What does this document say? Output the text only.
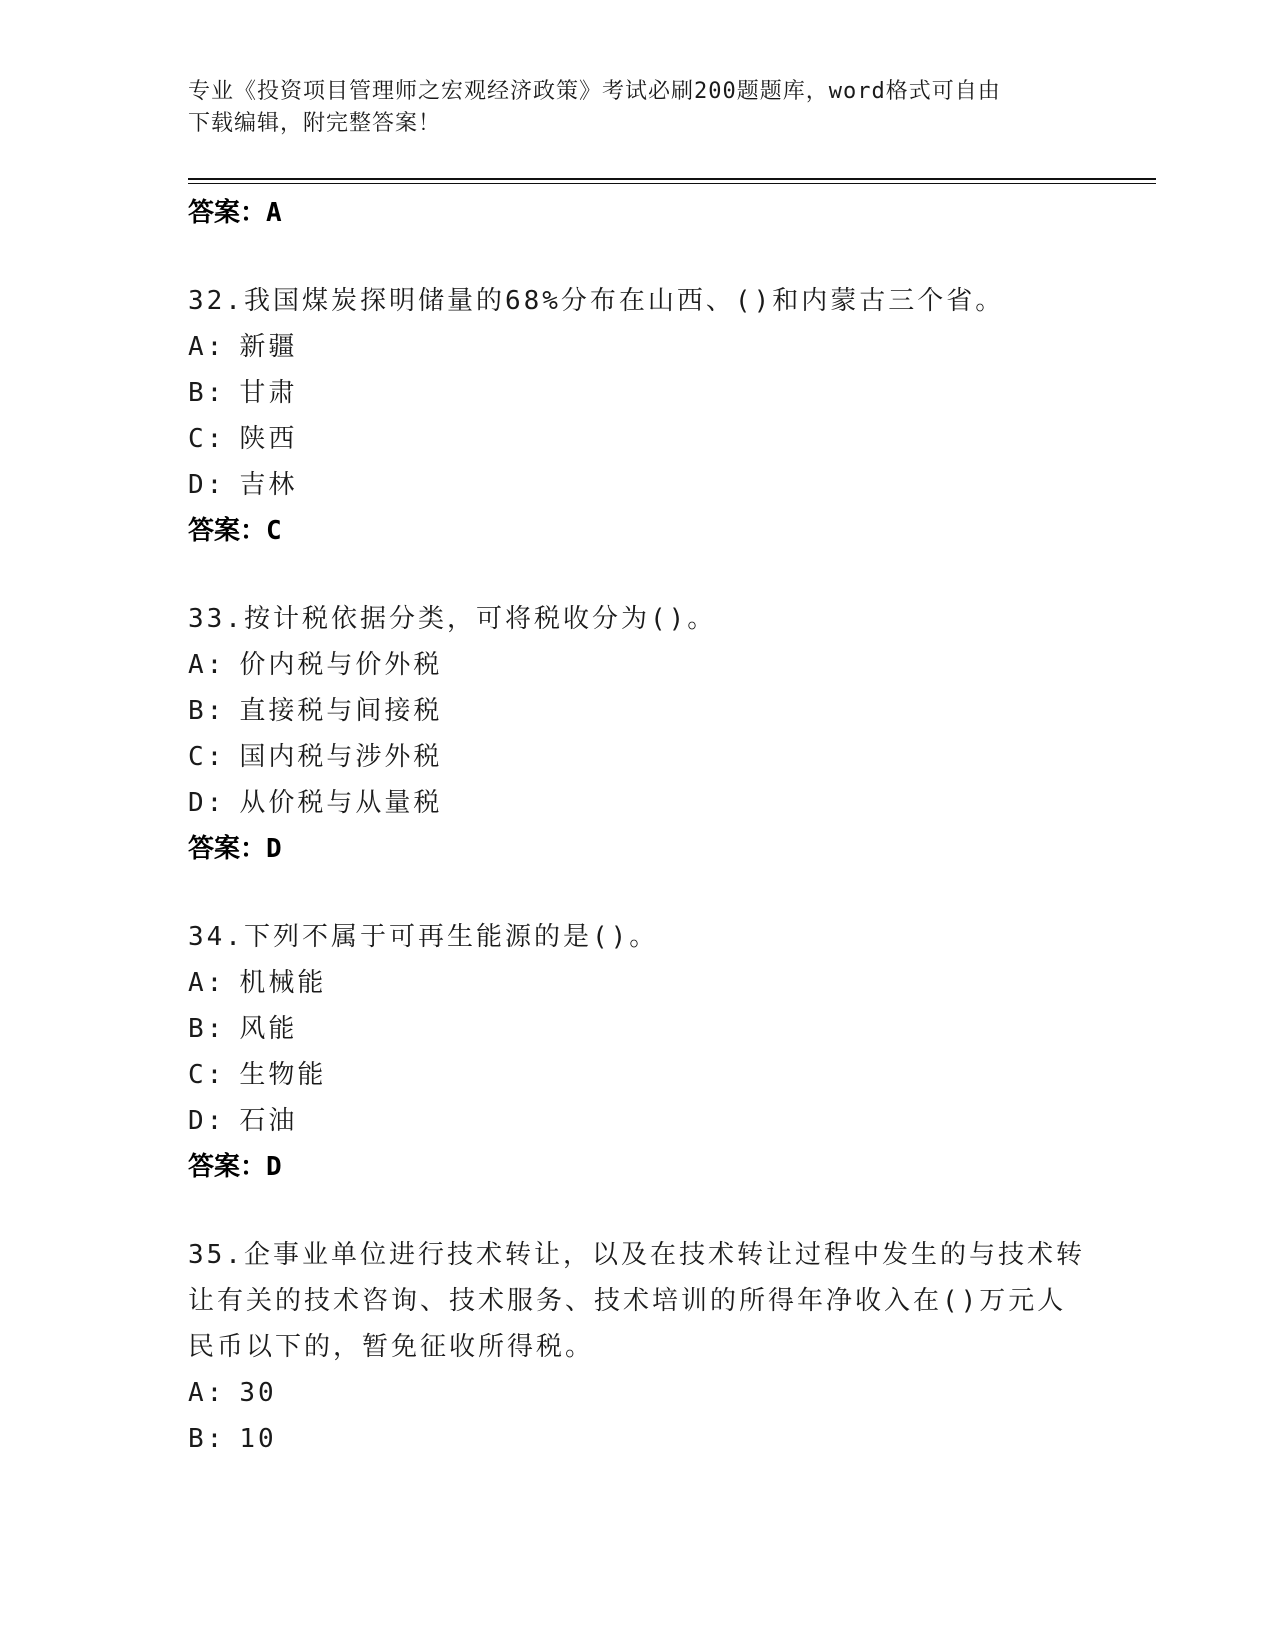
专业《投资项目管理师之宏观经济政策》考试必刷200题题库，word格式可自由
下载编辑，附完整答案！
答案：A

32.我国煤炭探明储量的68%分布在山西、()和内蒙古三个省。

A: 新疆
B: 甘肃
C: 陕西
D: 吉林
答案：C

33.按计税依据分类，可将税收分为()。

A: 价内税与价外税
B: 直接税与间接税
C: 国内税与涉外税
D: 从价税与从量税
答案：D

34.下列不属于可再生能源的是()。

A: 机械能
B: 风能
C: 生物能
D: 石油
答案：D

35.企事业单位进行技术转让，以及在技术转让过程中发生的与技术转让有关的技术咨询、技术服务、技术培训的所得年净收入在()万元人民币以下的，暂免征收所得税。

A: 30
B: 10
